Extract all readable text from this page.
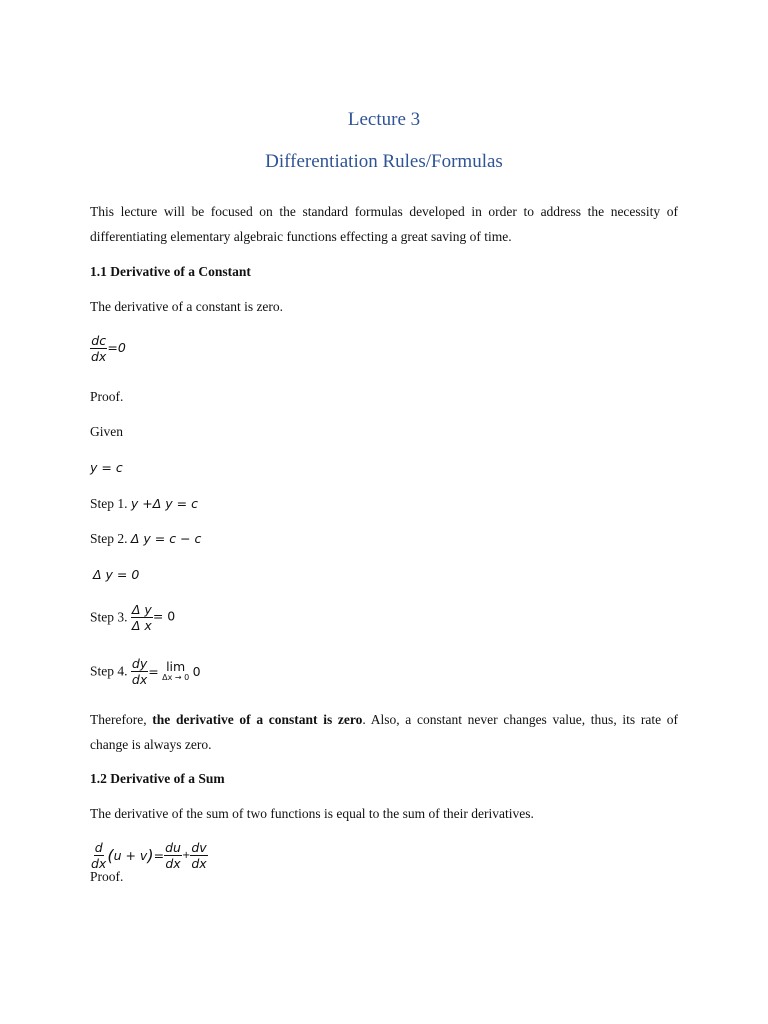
Lecture 3
Differentiation Rules/Formulas
This lecture will be focused on the standard formulas developed in order to address the necessity of
differentiating elementary algebraic functions effecting a great saving of time.
1.1 Derivative of a Constant
The derivative of a constant is zero.
$\frac{dc}{dx} =0$
Proof.
Given
y = c
Step 1. y +Δ y = c
Step 2. Δ y = c − c
Δ y = 0
Step 3. $\frac{\text{Δ y}}{\text{Δ x}} = 0$
Step 4. $\frac{dy}{dx} = \lim$
Δx → 0 0
Therefore, the derivative of a constant is zero. Also, a constant never changes value, thus, its rate of
change is always zero.
1.2 Derivative of a Sum
The derivative of the sum of two functions is equal to the sum of their derivatives.
$\frac{d}{dx} (u + v)= \frac{du}{dx} + \frac{dv}{dx}$
Proof.
